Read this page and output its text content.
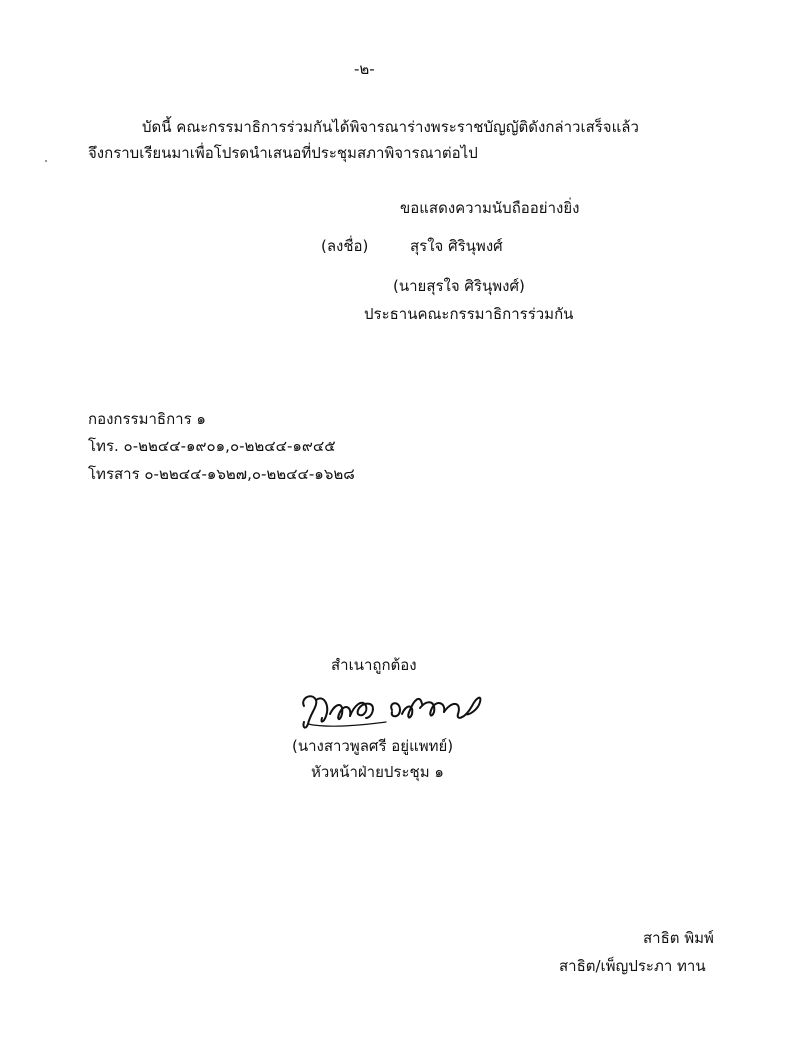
-๒-
บัดนี้ คณะกรรมาธิการร่วมกันได้พิจารณาร่างพระราชบัญญัติดังกล่าวเสร็จแล้ว
จึงกราบเรียนมาเพื่อโปรดนำเสนอที่ประชุมสภาพิจารณาต่อไป
ขอแสดงความนับถืออย่างยิ่ง
(ลงชื่อ)	สุรใจ ศิรินุพงศ์
(นายสุรใจ ศิรินุพงศ์)
ประธานคณะกรรมาธิการร่วมกัน
กองกรรมาธิการ ๑
โทร. ๐-๒๒๔๔-๑๙๐๑,๐-๒๒๔๔-๑๙๔๕
โทรสาร ๐-๒๒๔๔-๑๖๒๗,๐-๒๒๔๔-๑๖๒๘
สำเนาถูกต้อง
(นางสาวพูลศรี อยู่แพทย์)
หัวหน้าฝ่ายประชุม ๑
สาธิต พิมพ์
สาธิต/เพ็ญประภา ทาน
